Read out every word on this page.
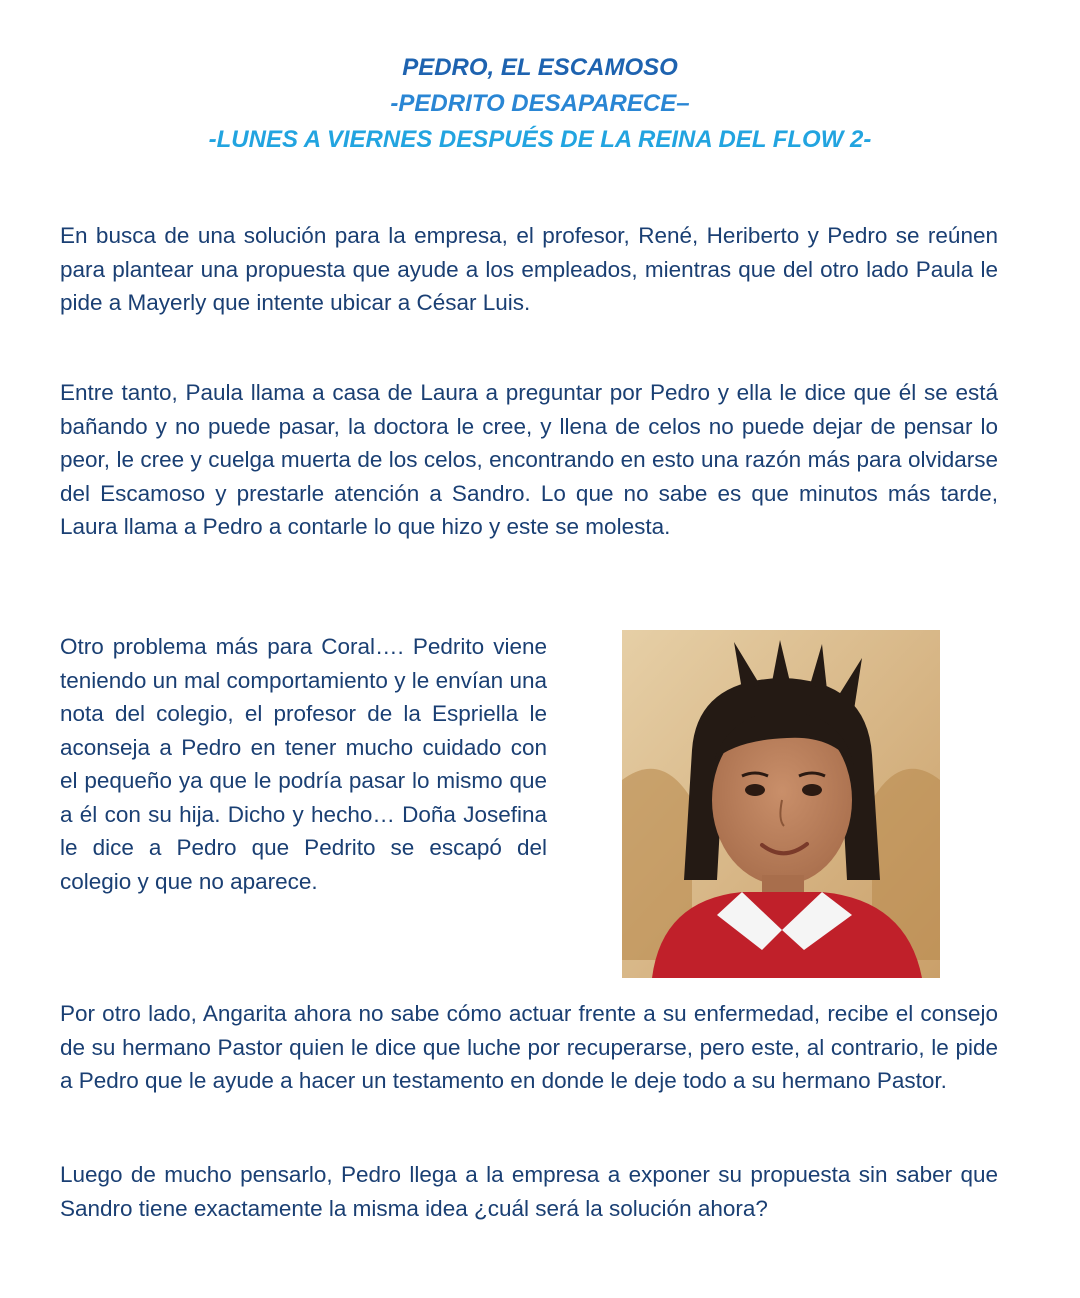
PEDRO, EL ESCAMOSO
-PEDRITO DESAPARECE–
-LUNES A VIERNES DESPUÉS DE LA REINA DEL FLOW 2-

En busca de una solución para la empresa, el profesor, René, Heriberto y Pedro se reúnen para plantear una propuesta que ayude a los empleados, mientras que del otro lado Paula le pide a Mayerly que intente ubicar a César Luis.

Entre tanto, Paula llama a casa de Laura a preguntar por Pedro y ella le dice que él se está bañando y no puede pasar, la doctora le cree, y llena de celos no puede dejar de pensar lo peor, le cree y cuelga muerta de los celos, encontrando en esto una razón más para olvidarse del Escamoso y prestarle atención a Sandro. Lo que no sabe es que minutos más tarde, Laura llama a Pedro a contarle lo que hizo y este se molesta.

Otro problema más para Coral…. Pedrito viene teniendo un mal comportamiento y le envían una nota del colegio, el profesor de la Espriella le aconseja a Pedro en tener mucho cuidado con el pequeño ya que le podría pasar lo mismo que a él con su hija. Dicho y hecho… Doña Josefina le dice a Pedro que Pedrito se escapó del colegio y que no aparece.

Por otro lado, Angarita ahora no sabe cómo actuar frente a su enfermedad, recibe el consejo de su hermano Pastor quien le dice que luche por recuperarse, pero este, al contrario, le pide a Pedro que le ayude a hacer un testamento en donde le deje todo a su hermano Pastor.

Luego de mucho pensarlo, Pedro llega a la empresa a exponer su propuesta sin saber que Sandro tiene exactamente la misma idea ¿cuál será la solución ahora?
